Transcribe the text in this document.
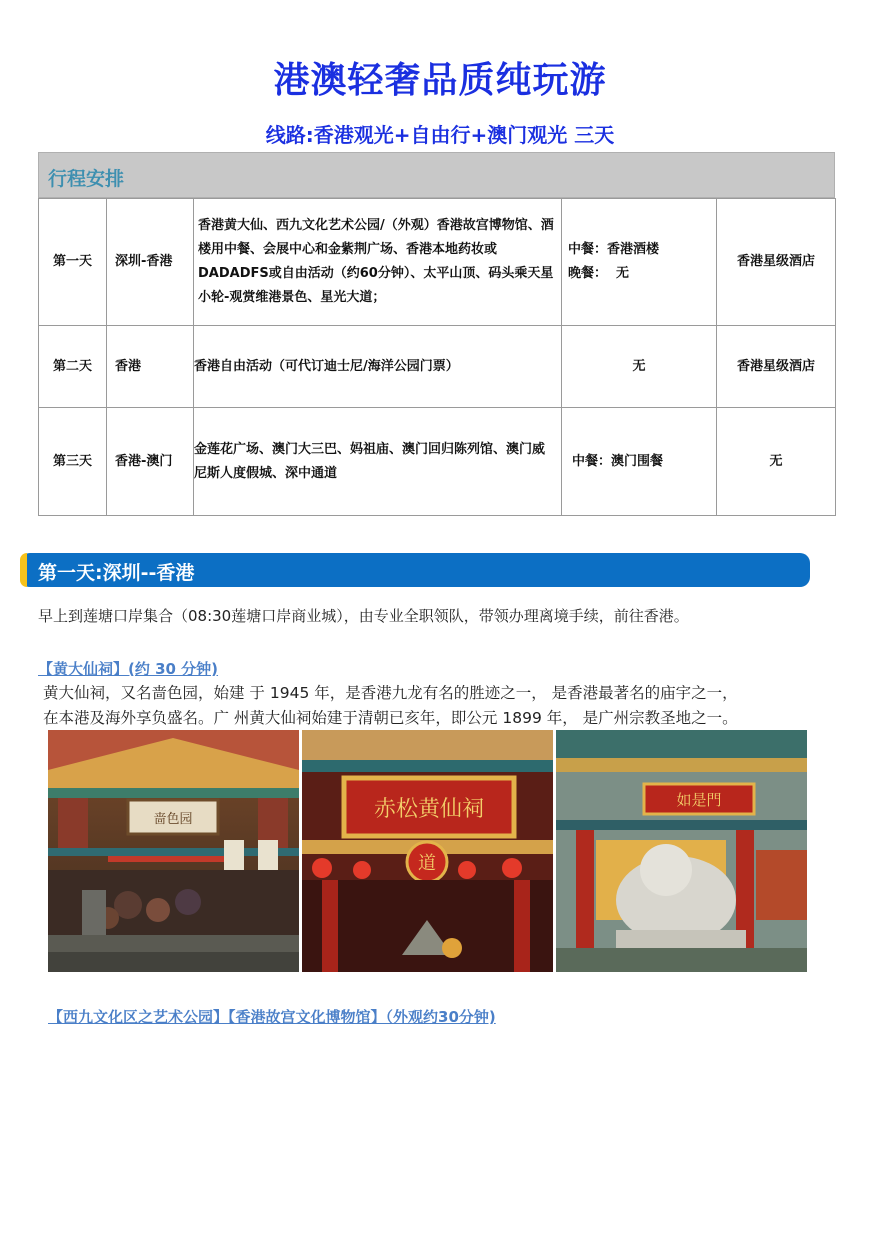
港澳轻奢品质纯玩游
线路:香港观光+自由行+澳门观光 三天
行程安排
第一天	深圳-香港	香港黄大仙、西九文化艺术公园/（外观）香港故宫博物馆、酒楼用中餐、会展中心和金紫荆广场、香港本地药妆或DADADFS或自由活动（约60分钟）、太平山顶、码头乘天星小轮-观赏维港景色、星光大道；	中餐：香港酒楼
晚餐：  无	香港星级酒店
第二天	香港	香港自由活动（可代订迪士尼/海洋公园门票）	无	香港星级酒店
第三天	香港-澳门	金莲花广场、澳门大三巴、妈祖庙、澳门回归陈列馆、澳门威尼斯人度假城、深中通道	中餐：澳门围餐	无
第一天:深圳--香港
早上到莲塘口岸集合（08:30莲塘口岸商业城），由专业全职领队，带领办理离境手续，前往香港。
【黄大仙祠】(约 30 分钟)
黄大仙祠，又名啬色园，始建 于 1945 年，是香港九龙有名的胜迹之一， 是香港最著名的庙宇之一，
在本港及海外享负盛名。广 州黄大仙祠始建于清朝已亥年，即公元 1899 年， 是广州宗教圣地之一。
啬色园	赤松黄仙祠
道
如是門
【西九文化区之艺术公园】【香港故宫文化博物馆】（外观约30分钟)
